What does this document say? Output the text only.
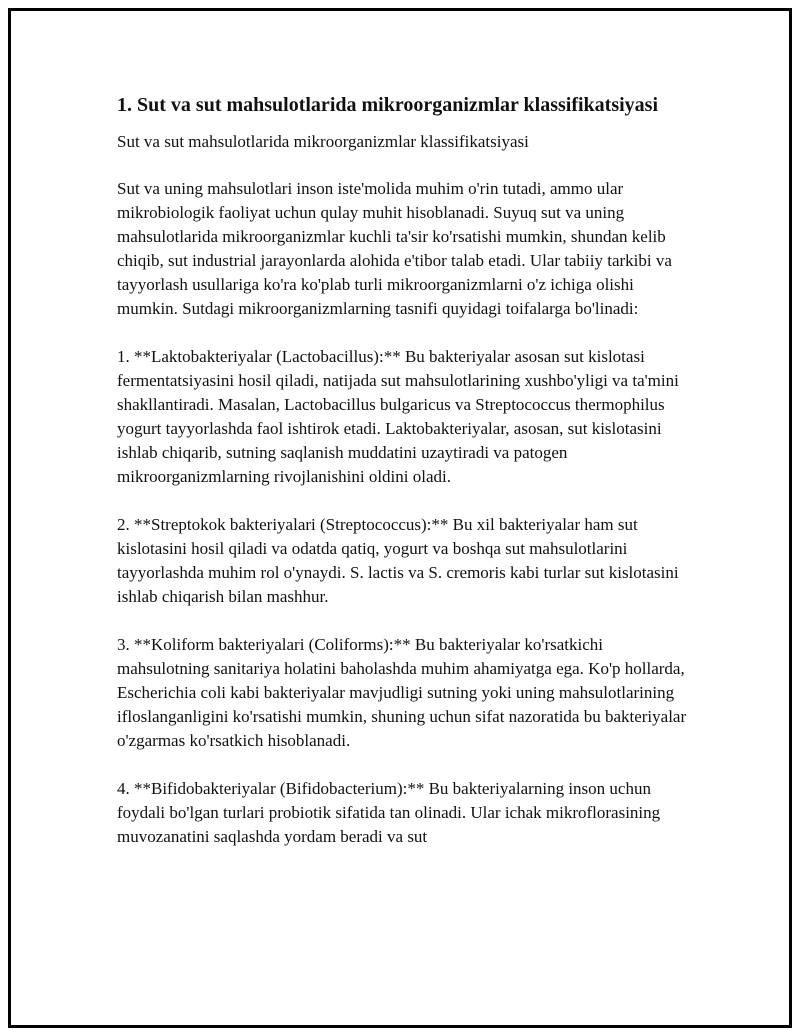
1. Sut va sut mahsulotlarida mikroorganizmlar klassifikatsiyasi

Sut va sut mahsulotlarida mikroorganizmlar klassifikatsiyasi

Sut va uning mahsulotlari inson iste'molida muhim o'rin tutadi, ammo ular mikrobiologik faoliyat uchun qulay muhit hisoblanadi. Suyuq sut va uning mahsulotlarida mikroorganizmlar kuchli ta'sir ko'rsatishi mumkin, shundan kelib chiqib, sut industrial jarayonlarda alohida e'tibor talab etadi. Ular tabiiy tarkibi va tayyorlash usullariga ko'ra ko'plab turli mikroorganizmlarni o'z ichiga olishi mumkin. Sutdagi mikroorganizmlarning tasnifi quyidagi toifalarga bo'linadi:

1. **Laktobakteriyalar (Lactobacillus):** Bu bakteriyalar asosan sut kislotasi fermentatsiyasini hosil qiladi, natijada sut mahsulotlarining xushbo'yligi va ta'mini shakllantiradi. Masalan, Lactobacillus bulgaricus va Streptococcus thermophilus yogurt tayyorlashda faol ishtirok etadi. Laktobakteriyalar, asosan, sut kislotasini ishlab chiqarib, sutning saqlanish muddatini uzaytiradi va patogen mikroorganizmlarning rivojlanishini oldini oladi.

2. **Streptokok bakteriyalari (Streptococcus):** Bu xil bakteriyalar ham sut kislotasini hosil qiladi va odatda qatiq, yogurt va boshqa sut mahsulotlarini tayyorlashda muhim rol o'ynaydi. S. lactis va S. cremoris kabi turlar sut kislotasini ishlab chiqarish bilan mashhur.

3. **Koliform bakteriyalari (Coliforms):** Bu bakteriyalar ko'rsatkichi mahsulotning sanitariya holatini baholashda muhim ahamiyatga ega. Ko'p hollarda, Escherichia coli kabi bakteriyalar mavjudligi sutning yoki uning mahsulotlarining ifloslanganligini ko'rsatishi mumkin, shuning uchun sifat nazoratida bu bakteriyalar o'zgarmas ko'rsatkich hisoblanadi.

4. **Bifidobakteriyalar (Bifidobacterium):** Bu bakteriyalarning inson uchun foydali bo'lgan turlari probiotik sifatida tan olinadi. Ular ichak mikroflorasining muvozanatini saqlashda yordam beradi va sut
